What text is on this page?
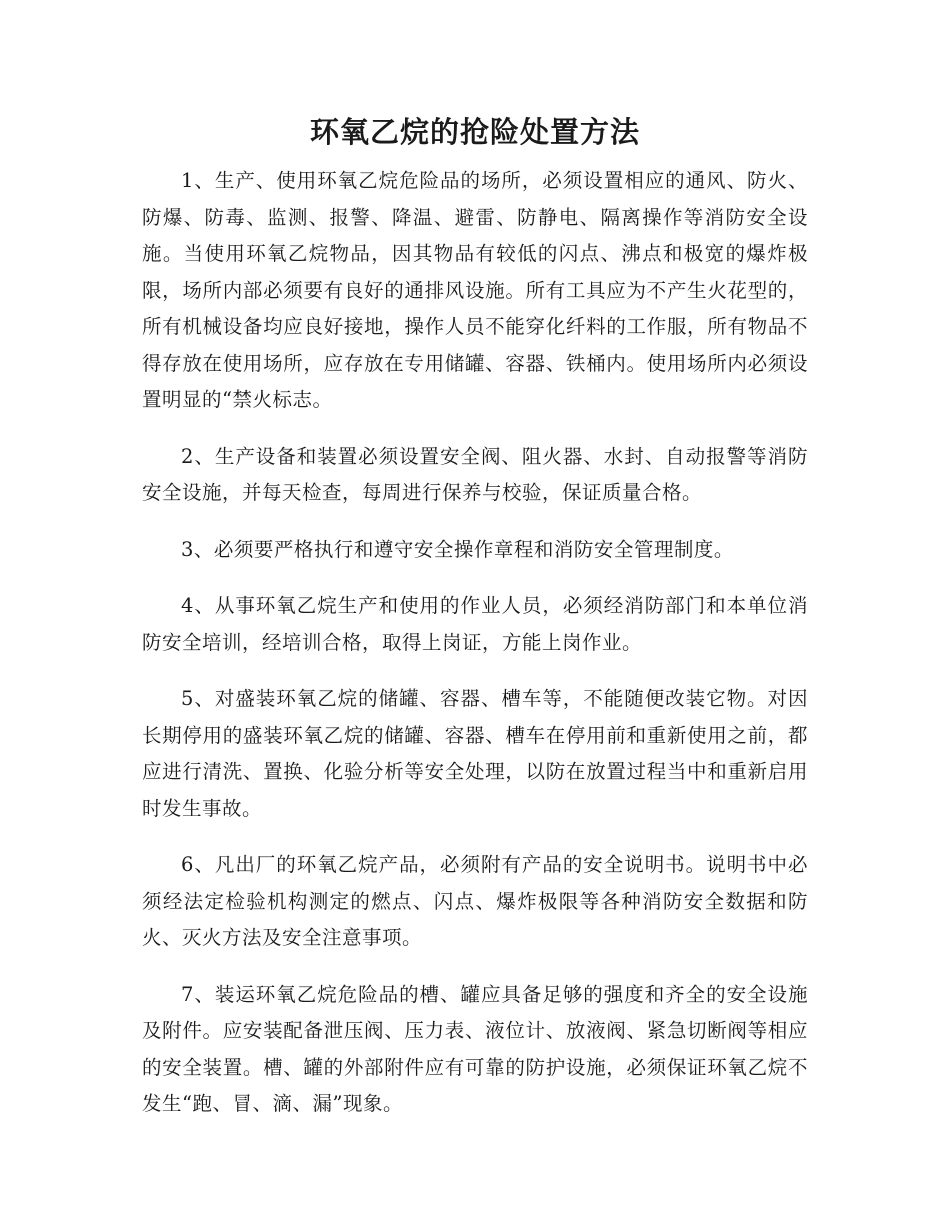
环氧乙烷的抢险处置方法

1、生产、使用环氧乙烷危险品的场所，必须设置相应的通风、防火、防爆、防毒、监测、报警、降温、避雷、防静电、隔离操作等消防安全设施。当使用环氧乙烷物品，因其物品有较低的闪点、沸点和极宽的爆炸极限，场所内部必须要有良好的通排风设施。所有工具应为不产生火花型的，所有机械设备均应良好接地，操作人员不能穿化纤料的工作服，所有物品不得存放在使用场所，应存放在专用储罐、容器、铁桶内。使用场所内必须设置明显的“禁火标志。

2、生产设备和装置必须设置安全阀、阻火器、水封、自动报警等消防安全设施，并每天检查，每周进行保养与校验，保证质量合格。

3、必须要严格执行和遵守安全操作章程和消防安全管理制度。

4、从事环氧乙烷生产和使用的作业人员，必须经消防部门和本单位消防安全培训，经培训合格，取得上岗证，方能上岗作业。

5、对盛装环氧乙烷的储罐、容器、槽车等，不能随便改装它物。对因长期停用的盛装环氧乙烷的储罐、容器、槽车在停用前和重新使用之前，都应进行清洗、置换、化验分析等安全处理，以防在放置过程当中和重新启用时发生事故。

6、凡出厂的环氧乙烷产品，必须附有产品的安全说明书。说明书中必须经法定检验机构测定的燃点、闪点、爆炸极限等各种消防安全数据和防火、灭火方法及安全注意事项。

7、装运环氧乙烷危险品的槽、罐应具备足够的强度和齐全的安全设施及附件。应安装配备泄压阀、压力表、液位计、放液阀、紧急切断阀等相应的安全装置。槽、罐的外部附件应有可靠的防护设施，必须保证环氧乙烷不发生“跑、冒、滴、漏”现象。
